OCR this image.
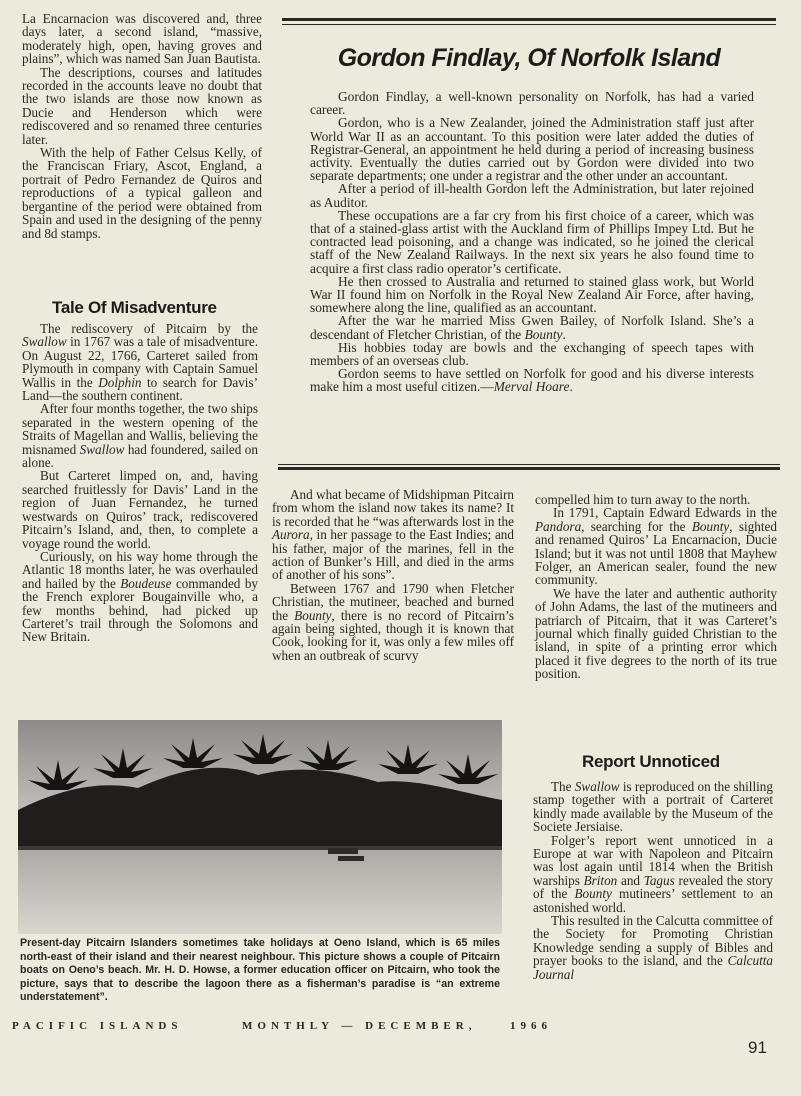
La Encarnacion was discovered and, three days later, a second island, “massive, moderately high, open, having groves and plains”, which was named San Juan Bautista.

The descriptions, courses and latitudes recorded in the accounts leave no doubt that the two islands are those now known as Ducie and Henderson which were rediscovered and so renamed three centuries later.

With the help of Father Celsus Kelly, of the Franciscan Friary, Ascot, England, a portrait of Pedro Fernandez de Quiros and reproductions of a typical galleon and bergantine of the period were obtained from Spain and used in the designing of the penny and 8d stamps.

Tale Of Misadventure

The rediscovery of Pitcairn by the Swallow in 1767 was a tale of misadventure. On August 22, 1766, Carteret sailed from Plymouth in company with Captain Samuel Wallis in the Dolphin to search for Davis’ Land—the southern continent.

After four months together, the two ships separated in the western opening of the Straits of Magellan and Wallis, believing the misnamed Swallow had foundered, sailed on alone.

But Carteret limped on, and, having searched fruitlessly for Davis’ Land in the region of Juan Fernandez, he turned westwards on Quiros’ track, rediscovered Pitcairn’s Island, and, then, to complete a voyage round the world.

Curiously, on his way home through the Atlantic 18 months later, he was overhauled and hailed by the Boudeuse commanded by the French explorer Bougainville who, a few months behind, had picked up Carteret’s trail through the Solomons and New Britain.

Gordon Findlay, Of Norfolk Island

Gordon Findlay, a well-known personality on Norfolk, has had a varied career.

Gordon, who is a New Zealander, joined the Administration staff just after World War II as an accountant. To this position were later added the duties of Registrar-General, an appointment he held during a period of increasing business activity. Eventually the duties carried out by Gordon were divided into two separate departments; one under a registrar and the other under an accountant.

After a period of ill-health Gordon left the Administration, but later rejoined as Auditor.

These occupations are a far cry from his first choice of a career, which was that of a stained-glass artist with the Auckland firm of Phillips Impey Ltd. But he contracted lead poisoning, and a change was indicated, so he joined the clerical staff of the New Zealand Railways. In the next six years he also found time to acquire a first class radio operator’s certificate.

He then crossed to Australia and returned to stained glass work, but World War II found him on Norfolk in the Royal New Zealand Air Force, after having, somewhere along the line, qualified as an accountant.

After the war he married Miss Gwen Bailey, of Norfolk Island. She’s a descendant of Fletcher Christian, of the Bounty.

His hobbies today are bowls and the exchanging of speech tapes with members of an overseas club.

Gordon seems to have settled on Norfolk for good and his diverse interests make him a most useful citizen.—Merval Hoare.

And what became of Midshipman Pitcairn from whom the island now takes its name? It is recorded that he “was afterwards lost in the Aurora, in her passage to the East Indies; and his father, major of the marines, fell in the action of Bunker’s Hill, and died in the arms of another of his sons”.

Between 1767 and 1790 when Fletcher Christian, the mutineer, beached and burned the Bounty, there is no record of Pitcairn’s again being sighted, though it is known that Cook, looking for it, was only a few miles off when an outbreak of scurvy

compelled him to turn away to the north.

In 1791, Captain Edward Edwards in the Pandora, searching for the Bounty, sighted and renamed Quiros’ La Encarnacion, Ducie Island; but it was not until 1808 that Mayhew Folger, an American sealer, found the new community.

We have the later and authentic authority of John Adams, the last of the mutineers and patriarch of Pitcairn, that it was Carteret’s journal which finally guided Christian to the island, in spite of a printing error which placed it five degrees to the north of its true position.

Report Unnoticed

The Swallow is reproduced on the shilling stamp together with a portrait of Carteret kindly made available by the Museum of the Societe Jersiaise.

Folger’s report went unnoticed in a Europe at war with Napoleon and Pitcairn was lost again until 1814 when the British warships Briton and Tagus revealed the story of the Bounty mutineers’ settlement to an astonished world.

This resulted in the Calcutta committee of the Society for Promoting Christian Knowledge sending a supply of Bibles and prayer books to the island, and the Calcutta Journal

Present-day Pitcairn Islanders sometimes take holidays at Oeno Island, which is 65 miles north-east of their island and their nearest neighbour. This picture shows a couple of Pitcairn boats on Oeno’s beach. Mr. H. D. Howse, a former education officer on Pitcairn, who took the picture, says that to describe the lagoon there as a fisherman’s paradise is “an extreme understatement”.
PACIFIC ISLANDS	MONTHLY — DECEMBER,	1966
91
